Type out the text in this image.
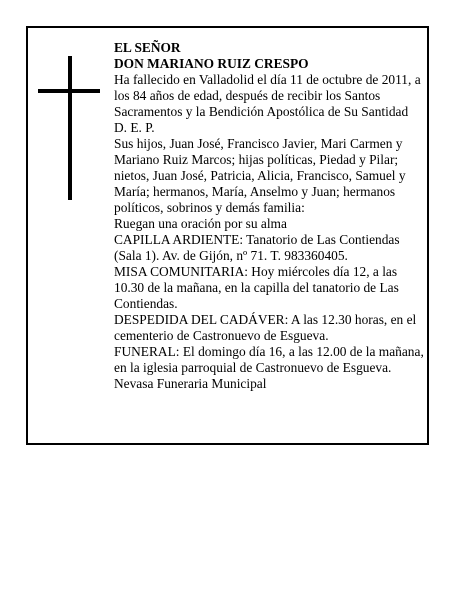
EL SEÑOR

DON MARIANO RUIZ CRESPO

Ha fallecido en Valladolid el día 11 de octubre de 2011, a los 84 años de edad, después de recibir los Santos Sacramentos y la Bendición Apostólica de Su Santidad D. E. P.

Sus hijos, Juan José, Francisco Javier, Mari Carmen y Mariano Ruiz Marcos; hijas políticas, Piedad y Pilar; nietos, Juan José, Patricia, Alicia, Francisco, Samuel y María; hermanos, María, Anselmo y Juan; hermanos políticos, sobrinos y demás familia:

Ruegan una oración por su alma

CAPILLA ARDIENTE: Tanatorio de Las Contiendas (Sala 1). Av. de Gijón, nº 71. T. 983360405.

MISA COMUNITARIA: Hoy miércoles día 12, a las 10.30 de la mañana, en la capilla del tanatorio de Las Contiendas.

DESPEDIDA DEL CADÁVER: A las 12.30 horas, en el cementerio de Castronuevo de Esgueva.

FUNERAL: El domingo día 16, a las 12.00 de la mañana, en la iglesia parroquial de Castronuevo de Esgueva.

Nevasa Funeraria Municipal
